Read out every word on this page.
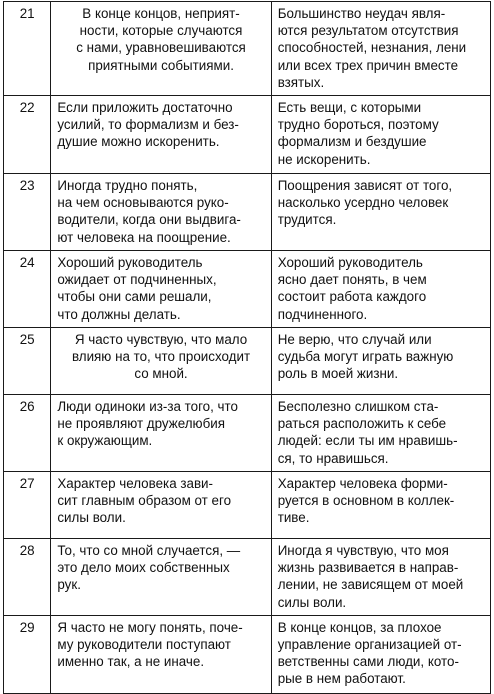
21	В конце концов, неприят-
ности, которые случаются
с нами, уравновешиваются
приятными событиями.	Большинство неудач явля-
ются результатом отсутствия
способностей, незнания, лени
или всех трех причин вместе
взятых.

22	Если приложить достаточно
усилий, то формализм и без-
душие можно искоренить.	Есть вещи, с которыми
трудно бороться, поэтому
формализм и бездушие
не искоренить.

23	Иногда трудно понять,
на чем основываются руко-
водители, когда они выдвига-
ют человека на поощрение.	Поощрения зависят от того,
насколько усердно человек
трудится.

24	Хороший руководитель
ожидает от подчиненных,
чтобы они сами решали,
что должны делать.	Хороший руководитель
ясно дает понять, в чем
состоит работа каждого
подчиненного.

25	Я часто чувствую, что мало
влияю на то, что происходит
со мной.	Не верю, что случай или
судьба могут играть важную
роль в моей жизни.

26	Люди одиноки из-за того, что
не проявляют дружелюбия
к окружающим.	Бесполезно слишком ста-
раться расположить к себе
людей: если ты им нравишь-
ся, то нравишься.

27	Характер человека зави-
сит главным образом от его
силы воли.	Характер человека форми-
руется в основном в коллек-
тиве.

28	То, что со мной случается, —
это дело моих собственных
рук.	Иногда я чувствую, что моя
жизнь развивается в направ-
лении, не зависящем от моей
силы воли.

29	Я часто не могу понять, поче-
му руководители поступают
именно так, а не иначе.	В конце концов, за плохое
управление организацией от-
ветственны сами люди, кото-
рые в нем работают.
